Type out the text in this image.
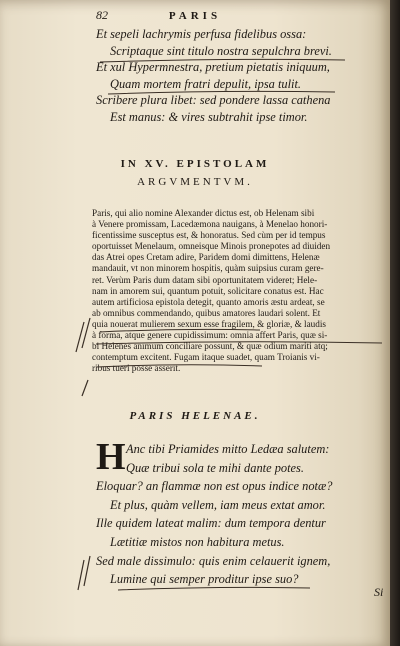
82	PARIS
Et sepeli lachrymis perfusa fidelibus ossa:
Scriptaque sint titulo nostra sepulchra brevi.
Et xul Hypermnestra, pretium pietatis iniquum,
Quam mortem fratri depulit, ipsa tulit.
Scribere plura libet: sed pondere lassa cathena
Est manus: & vires subtrahit ipse timor.
IN XV. EPISTOLAM
ARGVMENTVM.
Paris, qui alio nomine Alexander dictus est, ob Helenam sibi
à Venere promissam, Lacedæmona nauigans, à Menelao honori-
ficentissime susceptus est, & honoratus. Sed cùm per id tempus
oportuisset Menelaum, omneisque Minois pronepotes ad diuiden
das Atrei opes Cretam adire, Paridem domi dimittens, Helenæ
mandauit, vt non minorem hospitis, quàm suipsius curam gere-
ret. Verùm Paris dum datam sibi oportunitatem videret; Hele-
nam in amorem sui, quantum potuit, solicitare conatus est. Hac
autem artificiosa epistola detegit, quanto amoris æstu ardeat, se
ab omnibus commendando, quibus amatores laudari solent. Et
quia nouerat mulierem sexum esse fragilem, & gloriæ, & laudis
à forma, atque genere cupidissimum: omnia affert Paris, quæ si-
bi Helenes animum conciliare possunt, & quæ odium mariti atq;
contemptum excitent. Fugam itaque suadet, quam Troianis vi-
ribus tueri posse asserit.
PARIS HELENAE.
H Anc tibi Priamides mitto Ledæa salutem:
Quæ tribui sola te mihi dante potes.
Eloquar? an flammæ non est opus indice notæ?
Et plus, quàm vellem, iam meus extat amor.
Ille quidem lateat malim: dum tempora dentur
Lætitiæ mistos non habitura metus.
Sed male dissimulo: quis enim celauerit ignem,
Lumine qui semper proditur ipse suo?
Si
